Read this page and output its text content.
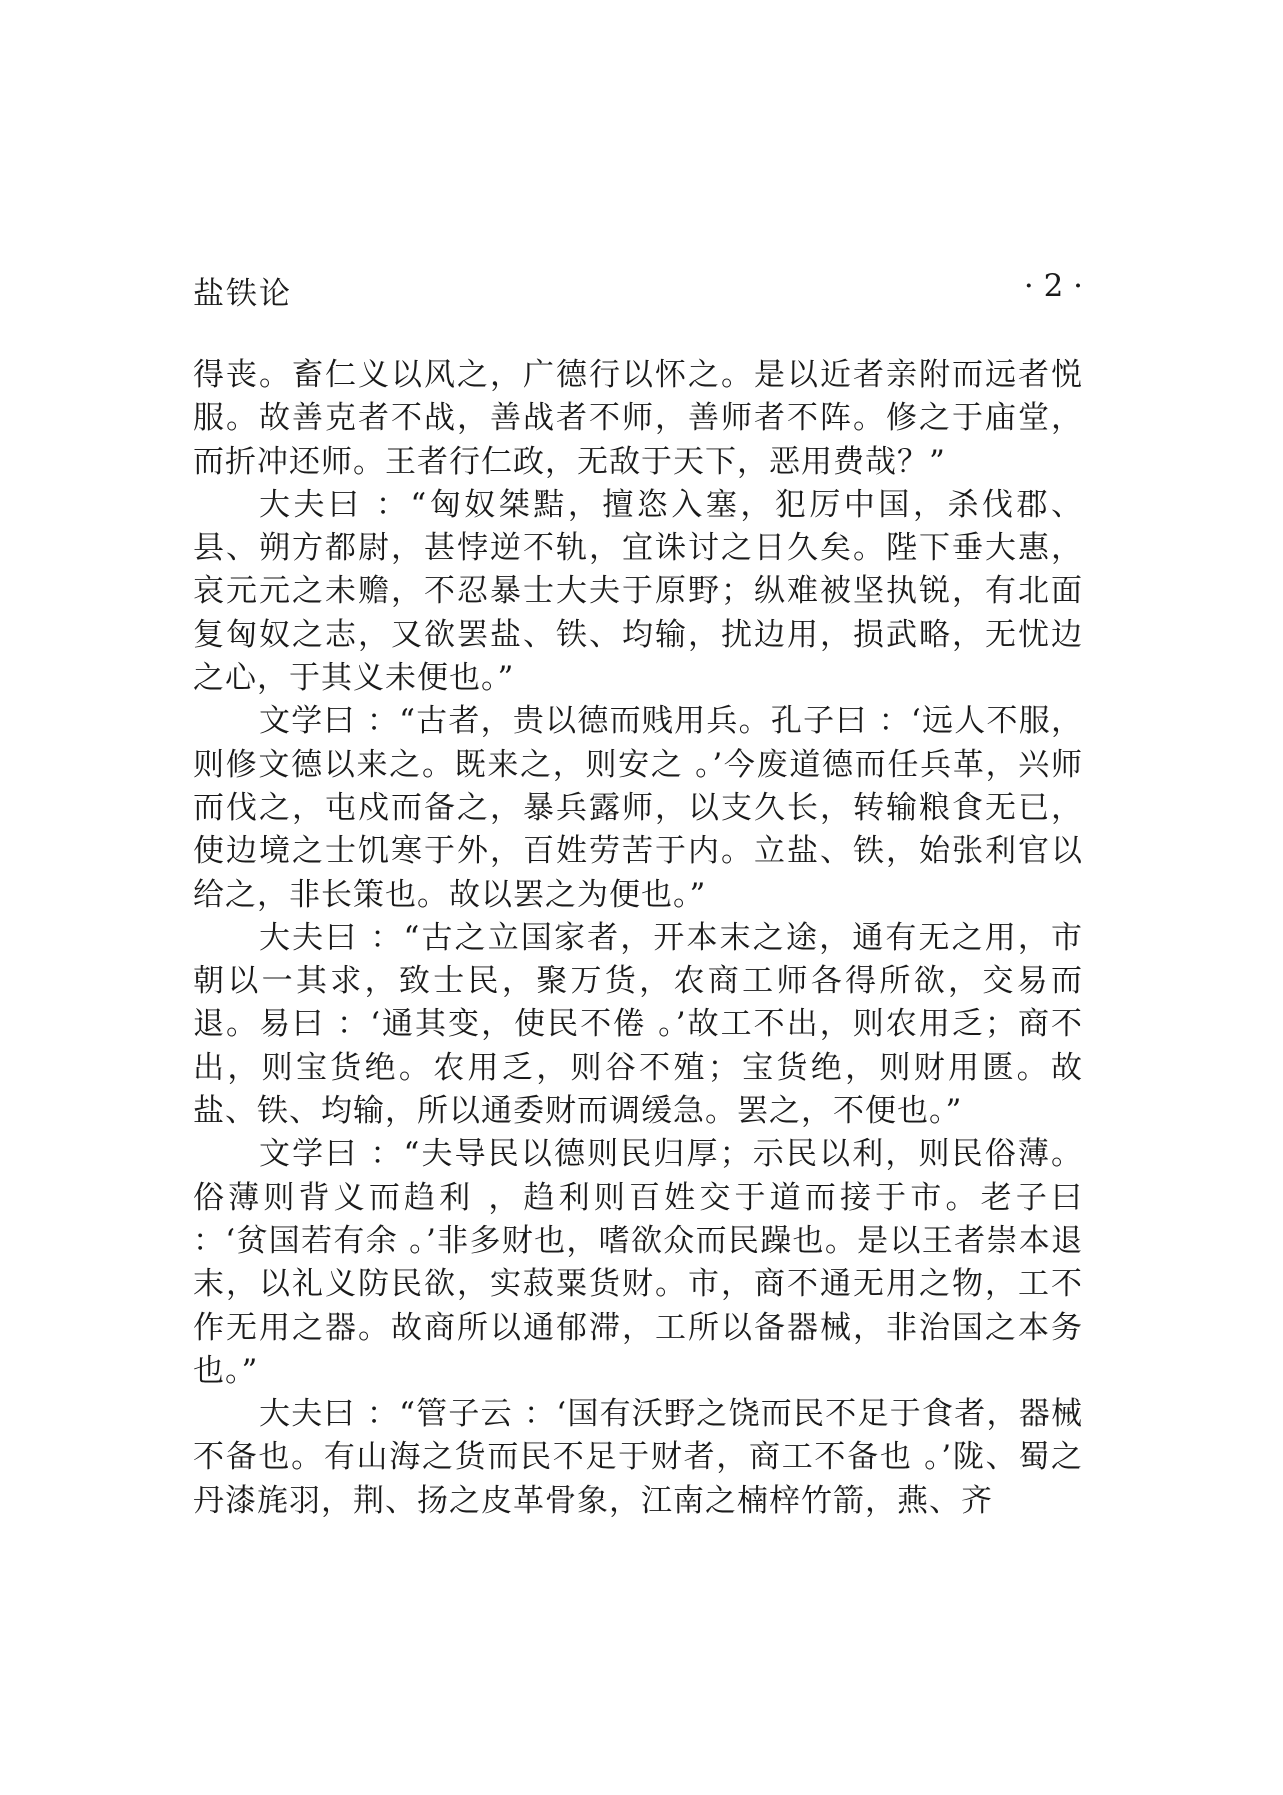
盐铁论	· 2 ·

得丧。畜仁义以风之，广德行以怀之。是以近者亲附而远者悦服。故善克者不战，善战者不师，善师者不阵。修之于庙堂，而折冲还师。王者行仁政，无敌于天下，恶用费哉？”

大夫曰 ：“匈奴桀黠，擅恣入塞，犯厉中国，杀伐郡、县、朔方都尉，甚悖逆不轨，宜诛讨之日久矣。陛下垂大惠，哀元元之未赡，不忍暴士大夫于原野；纵难被坚执锐，有北面复匈奴之志，又欲罢盐、铁、均输，扰边用，损武略，无忧边之心，于其义未便也。”

文学曰 ：“古者，贵以德而贱用兵。孔子曰 ：‘远人不服，则修文德以来之。既来之，则安之 。’今废道德而任兵革，兴师而伐之，屯戍而备之，暴兵露师，以支久长，转输粮食无已，使边境之士饥寒于外，百姓劳苦于内。立盐、铁，始张利官以给之，非长策也。故以罢之为便也。”

大夫曰 ：“古之立国家者，开本末之途，通有无之用，市朝以一其求，致士民，聚万货，农商工师各得所欲，交易而退。易曰 ：‘通其变，使民不倦 。’故工不出，则农用乏；商不出，则宝货绝。农用乏，则谷不殖；宝货绝，则财用匮。故盐、铁、均输，所以通委财而调缓急。罢之，不便也。”

文学曰 ：“夫导民以德则民归厚；示民以利，则民俗薄。俗薄则背义而趋利 ，趋利则百姓交于道而接于市。老子曰 ：‘贫国若有余 。’非多财也，嗜欲众而民躁也。是以王者崇本退末，以礼义防民欲，实菽粟货财。市，商不通无用之物，工不作无用之器。故商所以通郁滞，工所以备器械，非治国之本务也。”

大夫曰 ：“管子云 ：‘国有沃野之饶而民不足于食者，器械不备也。有山海之货而民不足于财者，商工不备也 。’陇、蜀之丹漆旄羽，荆、扬之皮革骨象，江南之楠梓竹箭，燕、齐
